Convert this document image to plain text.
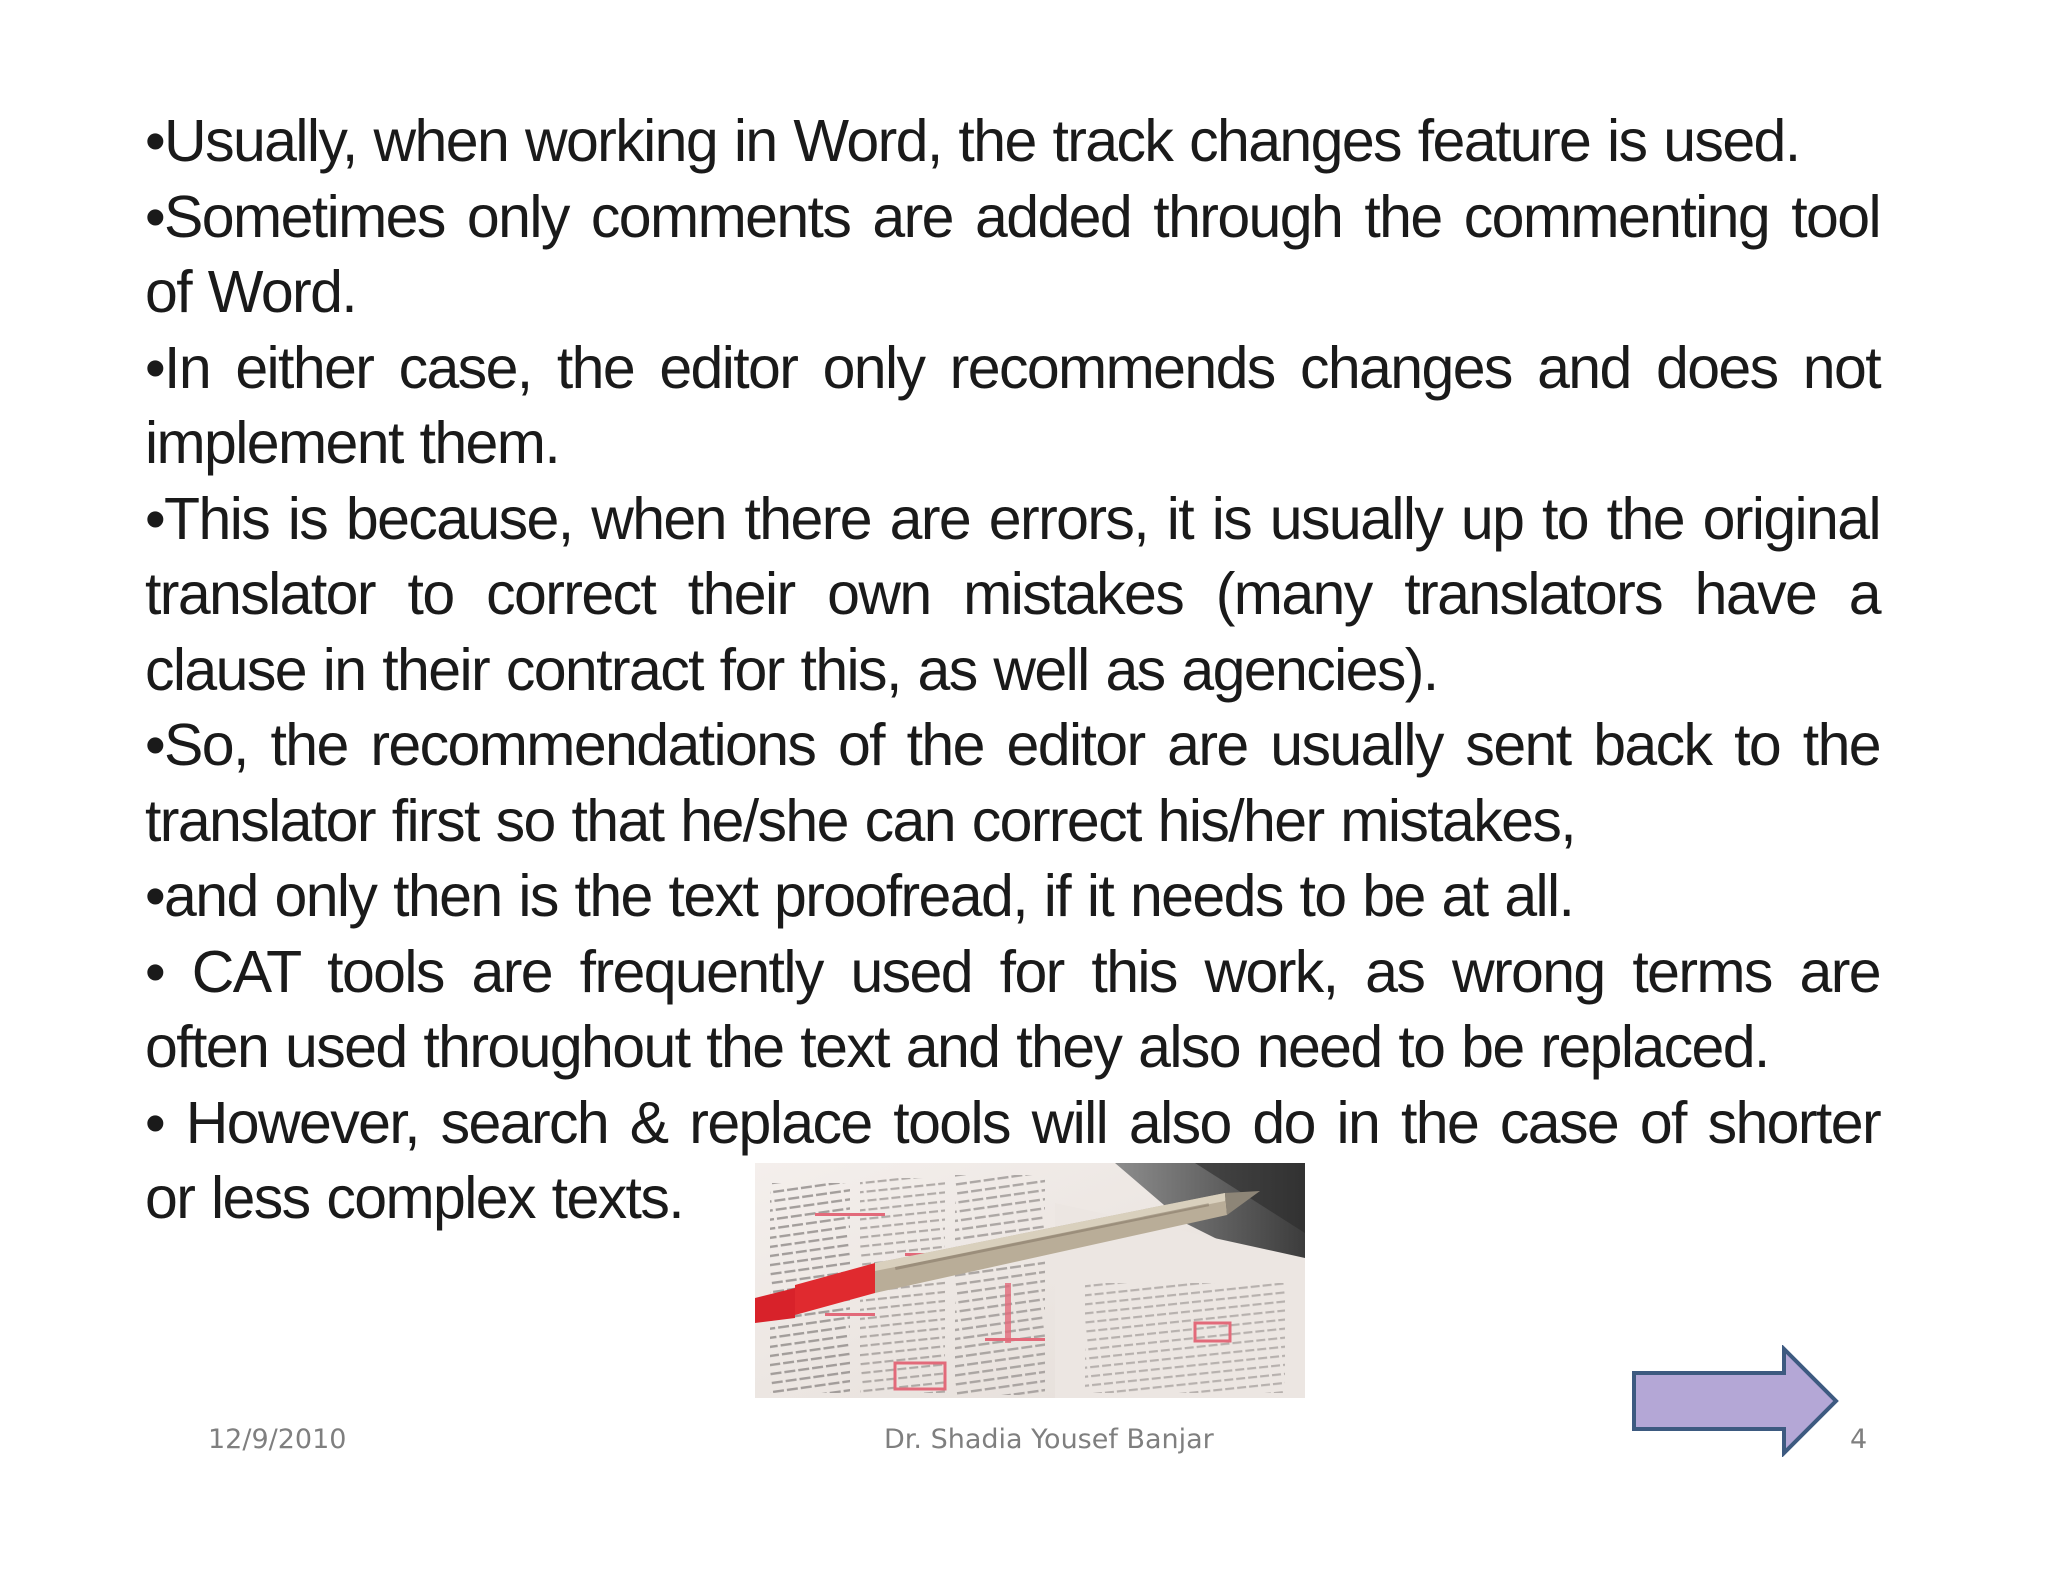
•Usually, when working in Word, the track changes feature is used.
•Sometimes only comments are added through the commenting tool of Word.
•In either case, the editor only recommends changes and does not implement them.
•This is because, when there are errors, it is usually up to the original translator to correct their own mistakes (many translators have a clause in their contract for this, as well as agencies).
•So, the recommendations of the editor are usually sent back to the translator first so that he/she can correct his/her mistakes,
•and only then is the text proofread, if it needs to be at all.
• CAT tools are frequently used for this work, as wrong terms are often used throughout the text and they also need to be replaced.
• However, search & replace tools will also do in the case of shorter or less complex texts.
12/9/2010	Dr. Shadia Yousef Banjar	4
